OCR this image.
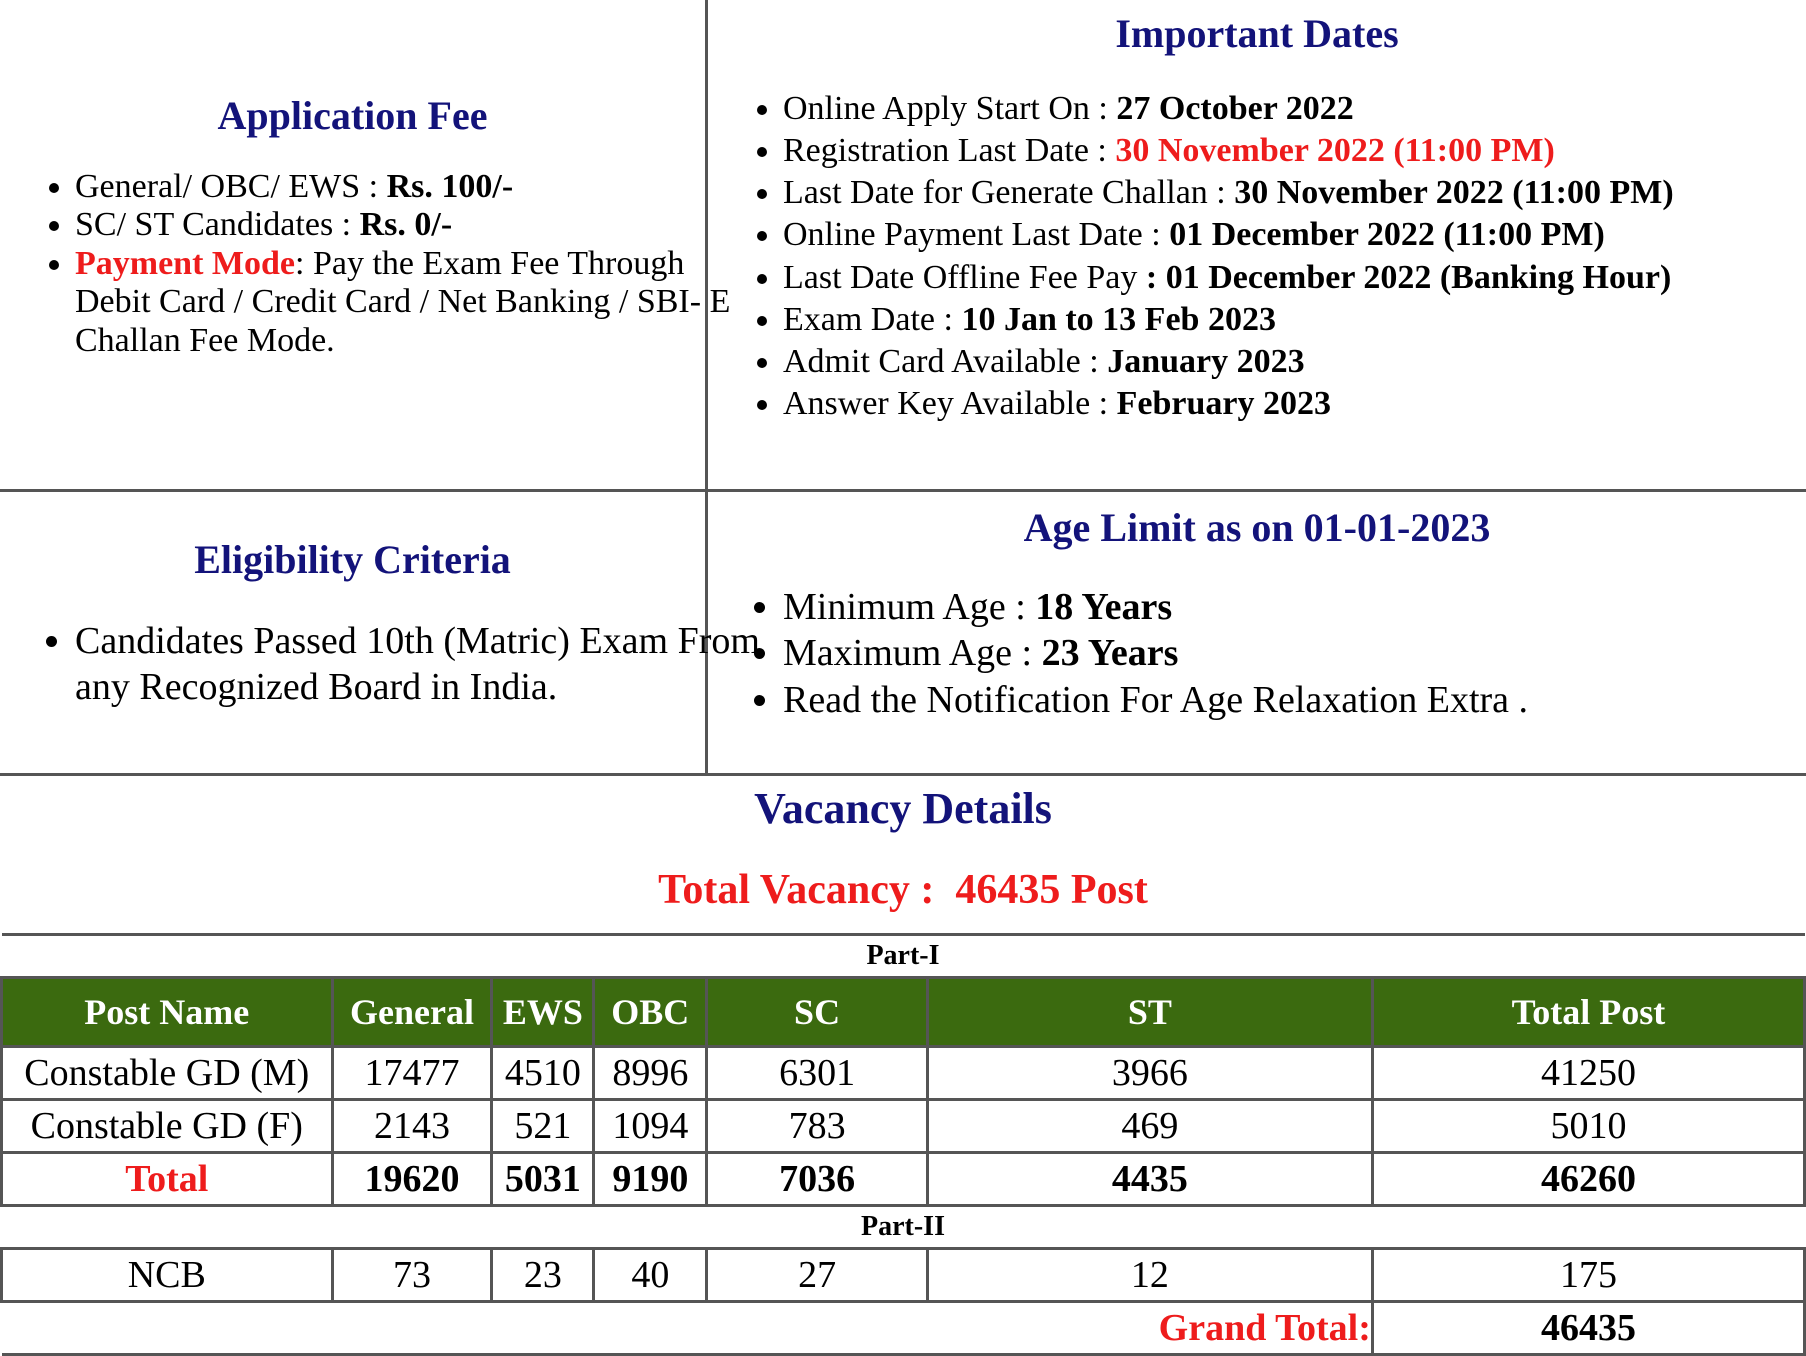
Application Fee
• General/ OBC/ EWS : Rs. 100/-
• SC/ ST Candidates : Rs. 0/-
• Payment Mode: Pay the Exam Fee Through Debit Card / Credit Card / Net Banking / SBI- E Challan Fee Mode.
Important Dates
• Online Apply Start On : 27 October 2022
• Registration Last Date : 30 November 2022 (11:00 PM)
• Last Date for Generate Challan : 30 November 2022 (11:00 PM)
• Online Payment Last Date : 01 December 2022 (11:00 PM)
• Last Date Offline Fee Pay : 01 December 2022 (Banking Hour)
• Exam Date : 10 Jan to 13 Feb 2023
• Admit Card Available : January 2023
• Answer Key Available : February 2023
Eligibility Criteria
• Candidates Passed 10th (Matric) Exam From any Recognized Board in India.
Age Limit as on 01-01-2023
• Minimum Age : 18 Years
• Maximum Age : 23 Years
• Read the Notification For Age Relaxation Extra .
Vacancy Details
Total Vacancy :  46435 Post
Part-I						
Post Name	General	EWS	OBC	SC	ST	Total Post
Constable GD (M)	17477	4510	8996	6301	3966	41250
Constable GD (F)	2143	521	1094	783	469	5010
Total	19620	5031	9190	7036	4435	46260
Part-II						
NCB	73	23	40	27	12	175
Grand Total:						46435
